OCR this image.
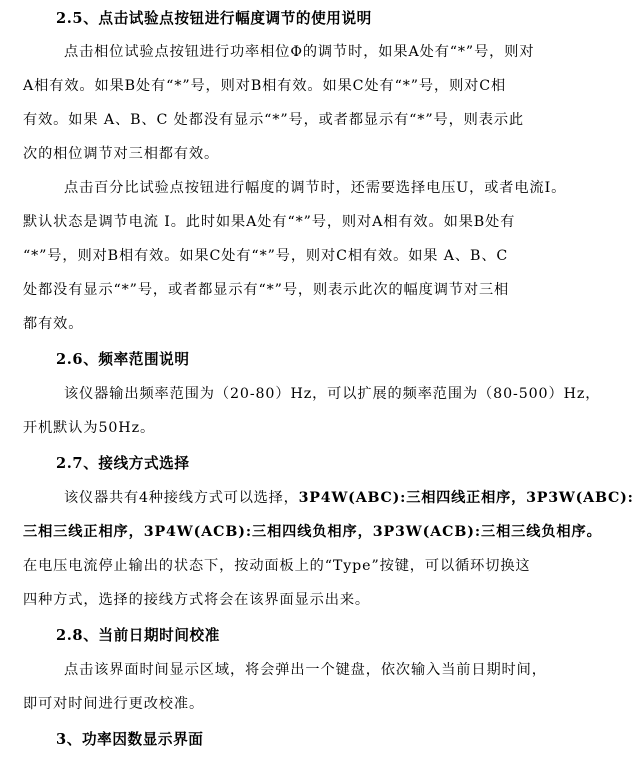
2.5、点击试验点按钮进行幅度调节的使用说明
点击相位试验点按钮进行功率相位Φ的调节时，如果A处有“*”号，则对
A相有效。如果B处有“*”号，则对B相有效。如果C处有“*”号，则对C相
有效。如果 A、B、C 处都没有显示“*”号，或者都显示有“*”号，则表示此
次的相位调节对三相都有效。
点击百分比试验点按钮进行幅度的调节时，还需要选择电压U，或者电流I。
默认状态是调节电流 I。此时如果A处有“*”号，则对A相有效。如果B处有
“*”号，则对B相有效。如果C处有“*”号，则对C相有效。如果 A、B、C
处都没有显示“*”号，或者都显示有“*”号，则表示此次的幅度调节对三相
都有效。
2.6、频率范围说明
该仪器输出频率范围为（20-80）Hz，可以扩展的频率范围为（80-500）Hz，
开机默认为50Hz。
2.7、接线方式选择
该仪器共有4种接线方式可以选择，3P4W(ABC):三相四线正相序，3P3W(ABC):
三相三线正相序，3P4W(ACB):三相四线负相序，3P3W(ACB):三相三线负相序。
在电压电流停止输出的状态下，按动面板上的“Type”按键，可以循环切换这
四种方式，选择的接线方式将会在该界面显示出来。
2.8、当前日期时间校准
点击该界面时间显示区域，将会弹出一个键盘，依次输入当前日期时间，
即可对时间进行更改校准。
3、功率因数显示界面
